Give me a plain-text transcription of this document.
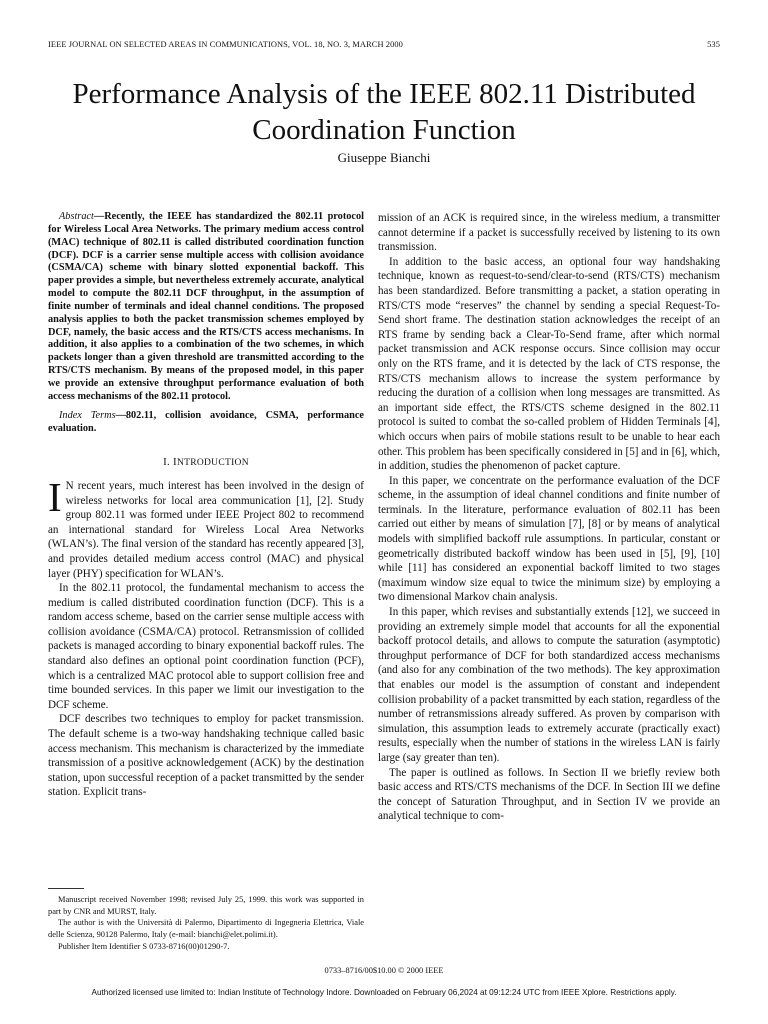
IEEE JOURNAL ON SELECTED AREAS IN COMMUNICATIONS, VOL. 18, NO. 3, MARCH 2000	535
Performance Analysis of the IEEE 802.11 Distributed Coordination Function
Giuseppe Bianchi

Abstract—Recently, the IEEE has standardized the 802.11 protocol for Wireless Local Area Networks. The primary medium access control (MAC) technique of 802.11 is called distributed coordination function (DCF). DCF is a carrier sense multiple access with collision avoidance (CSMA/CA) scheme with binary slotted exponential backoff. This paper provides a simple, but nevertheless extremely accurate, analytical model to compute the 802.11 DCF throughput, in the assumption of finite number of terminals and ideal channel conditions. The proposed analysis applies to both the packet transmission schemes employed by DCF, namely, the basic access and the RTS/CTS access mechanisms. In addition, it also applies to a combination of the two schemes, in which packets longer than a given threshold are transmitted according to the RTS/CTS mechanism. By means of the proposed model, in this paper we provide an extensive throughput performance evaluation of both access mechanisms of the 802.11 protocol.

Index Terms—802.11, collision avoidance, CSMA, performance evaluation.

I. INTRODUCTION

I N recent years, much interest has been involved in the design of wireless networks for local area communication [1], [2]. Study group 802.11 was formed under IEEE Project 802 to recommend an international standard for Wireless Local Area Networks (WLAN’s). The final version of the standard has recently appeared [3], and provides detailed medium access control (MAC) and physical layer (PHY) specification for WLAN’s.

In the 802.11 protocol, the fundamental mechanism to access the medium is called distributed coordination function (DCF). This is a random access scheme, based on the carrier sense multiple access with collision avoidance (CSMA/CA) protocol. Retransmission of collided packets is managed according to binary exponential backoff rules. The standard also defines an optional point coordination function (PCF), which is a centralized MAC protocol able to support collision free and time bounded services. In this paper we limit our investigation to the DCF scheme.

DCF describes two techniques to employ for packet transmission. The default scheme is a two-way handshaking technique called basic access mechanism. This mechanism is characterized by the immediate transmission of a positive acknowledgement (ACK) by the destination station, upon successful reception of a packet transmitted by the sender station. Explicit trans-

mission of an ACK is required since, in the wireless medium, a transmitter cannot determine if a packet is successfully received by listening to its own transmission.

In addition to the basic access, an optional four way handshaking technique, known as request-to-send/clear-to-send (RTS/CTS) mechanism has been standardized. Before transmitting a packet, a station operating in RTS/CTS mode “reserves” the channel by sending a special Request-To-Send short frame. The destination station acknowledges the receipt of an RTS frame by sending back a Clear-To-Send frame, after which normal packet transmission and ACK response occurs. Since collision may occur only on the RTS frame, and it is detected by the lack of CTS response, the RTS/CTS mechanism allows to increase the system performance by reducing the duration of a collision when long messages are transmitted. As an important side effect, the RTS/CTS scheme designed in the 802.11 protocol is suited to combat the so-called problem of Hidden Terminals [4], which occurs when pairs of mobile stations result to be unable to hear each other. This problem has been specifically considered in [5] and in [6], which, in addition, studies the phenomenon of packet capture.

In this paper, we concentrate on the performance evaluation of the DCF scheme, in the assumption of ideal channel conditions and finite number of terminals. In the literature, performance evaluation of 802.11 has been carried out either by means of simulation [7], [8] or by means of analytical models with simplified backoff rule assumptions. In particular, constant or geometrically distributed backoff window has been used in [5], [9], [10] while [11] has considered an exponential backoff limited to two stages (maximum window size equal to twice the minimum size) by employing a two dimensional Markov chain analysis.

In this paper, which revises and substantially extends [12], we succeed in providing an extremely simple model that accounts for all the exponential backoff protocol details, and allows to compute the saturation (asymptotic) throughput performance of DCF for both standardized access mechanisms (and also for any combination of the two methods). The key approximation that enables our model is the assumption of constant and independent collision probability of a packet transmitted by each station, regardless of the number of retransmissions already suffered. As proven by comparison with simulation, this assumption leads to extremely accurate (practically exact) results, especially when the number of stations in the wireless LAN is fairly large (say greater than ten).

The paper is outlined as follows. In Section II we briefly review both basic access and RTS/CTS mechanisms of the DCF. In Section III we define the concept of Saturation Throughput, and in Section IV we provide an analytical technique to com-

Manuscript received November 1998; revised July 25, 1999. this work was supported in part by CNR and MURST, Italy.

The author is with the Università di Palermo, Dipartimento di Ingegneria Elettrica, Viale delle Scienza, 90128 Palermo, Italy (e-mail: bianchi@elet.polimi.it).

Publisher Item Identifier S 0733-8716(00)01290-7.

0733–8716/00$10.00 © 2000 IEEE
Authorized licensed use limited to: Indian Institute of Technology Indore. Downloaded on February 06,2024 at 09:12:24 UTC from IEEE Xplore. Restrictions apply.
